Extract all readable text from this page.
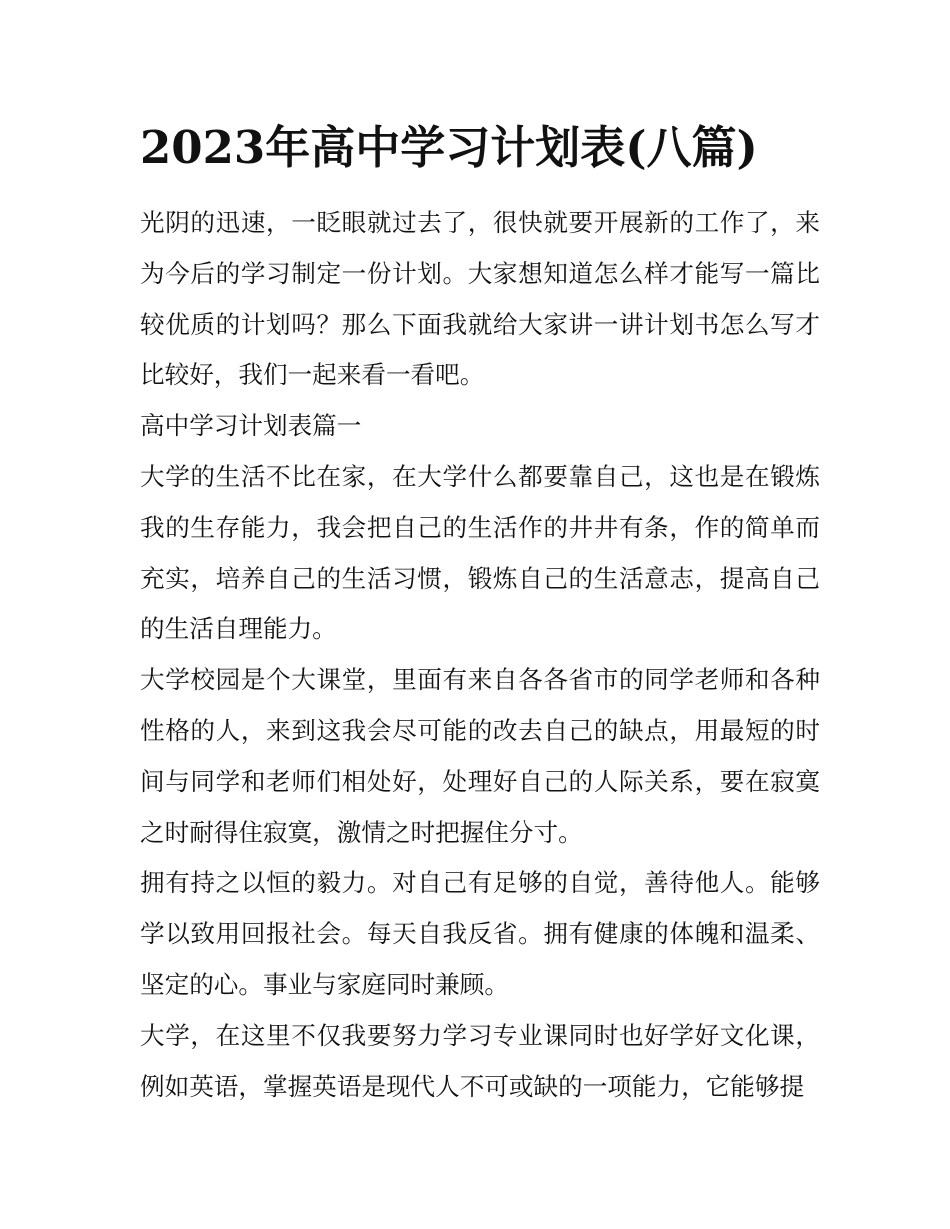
2023年高中学习计划表(八篇)

光阴的迅速，一眨眼就过去了，很快就要开展新的工作了，来为今后的学习制定一份计划。大家想知道怎么样才能写一篇比较优质的计划吗？那么下面我就给大家讲一讲计划书怎么写才比较好，我们一起来看一看吧。

高中学习计划表篇一

大学的生活不比在家，在大学什么都要靠自己，这也是在锻炼我的生存能力，我会把自己的生活作的井井有条，作的简单而充实，培养自己的生活习惯，锻炼自己的生活意志，提高自己的生活自理能力。

大学校园是个大课堂，里面有来自各各省市的同学老师和各种性格的人，来到这我会尽可能的改去自己的缺点，用最短的时间与同学和老师们相处好，处理好自己的人际关系，要在寂寞之时耐得住寂寞，激情之时把握住分寸。

拥有持之以恒的毅力。对自己有足够的自觉，善待他人。能够学以致用回报社会。每天自我反省。拥有健康的体魄和温柔、坚定的心。事业与家庭同时兼顾。

大学，在这里不仅我要努力学习专业课同时也好学好文化课，例如英语，掌握英语是现代人不可或缺的一项能力，它能够提
